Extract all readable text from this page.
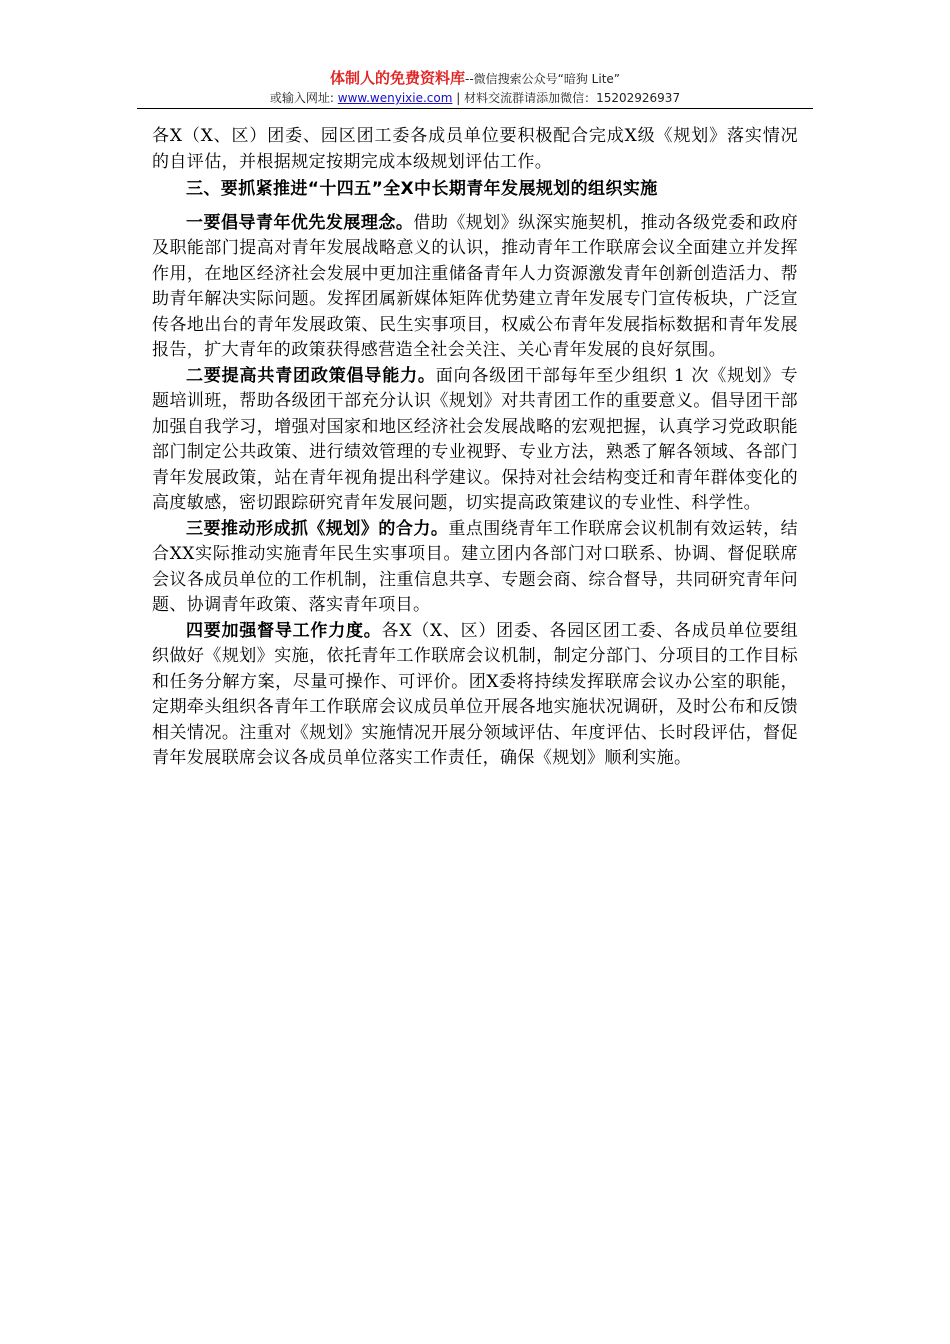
体制人的免费资料库--微信搜索公众号“暗狗 Lite”
或输入网址: www.wenyixie.com | 材料交流群请添加微信：15202926937

各X（X、区）团委、园区团工委各成员单位要积极配合完成X级《规划》落实情况的自评估，并根据规定按期完成本级规划评估工作。

三、要抓紧推进“十四五”全X中长期青年发展规划的组织实施

一要倡导青年优先发展理念。借助《规划》纵深实施契机，推动各级党委和政府及职能部门提高对青年发展战略意义的认识，推动青年工作联席会议全面建立并发挥作用，在地区经济社会发展中更加注重储备青年人力资源激发青年创新创造活力、帮助青年解决实际问题。发挥团属新媒体矩阵优势建立青年发展专门宣传板块，广泛宣传各地出台的青年发展政策、民生实事项目，权威公布青年发展指标数据和青年发展报告，扩大青年的政策获得感营造全社会关注、关心青年发展的良好氛围。

二要提高共青团政策倡导能力。面向各级团干部每年至少组织 1 次《规划》专题培训班，帮助各级团干部充分认识《规划》对共青团工作的重要意义。倡导团干部加强自我学习，增强对国家和地区经济社会发展战略的宏观把握，认真学习党政职能部门制定公共政策、进行绩效管理的专业视野、专业方法，熟悉了解各领域、各部门青年发展政策，站在青年视角提出科学建议。保持对社会结构变迁和青年群体变化的高度敏感，密切跟踪研究青年发展问题，切实提高政策建议的专业性、科学性。

三要推动形成抓《规划》的合力。重点围绕青年工作联席会议机制有效运转，结合XX实际推动实施青年民生实事项目。建立团内各部门对口联系、协调、督促联席会议各成员单位的工作机制，注重信息共享、专题会商、综合督导，共同研究青年问题、协调青年政策、落实青年项目。

四要加强督导工作力度。各X（X、区）团委、各园区团工委、各成员单位要组织做好《规划》实施，依托青年工作联席会议机制，制定分部门、分项目的工作目标和任务分解方案，尽量可操作、可评价。团X委将持续发挥联席会议办公室的职能，定期牵头组织各青年工作联席会议成员单位开展各地实施状况调研，及时公布和反馈相关情况。注重对《规划》实施情况开展分领域评估、年度评估、长时段评估，督促青年发展联席会议各成员单位落实工作责任，确保《规划》顺利实施。
